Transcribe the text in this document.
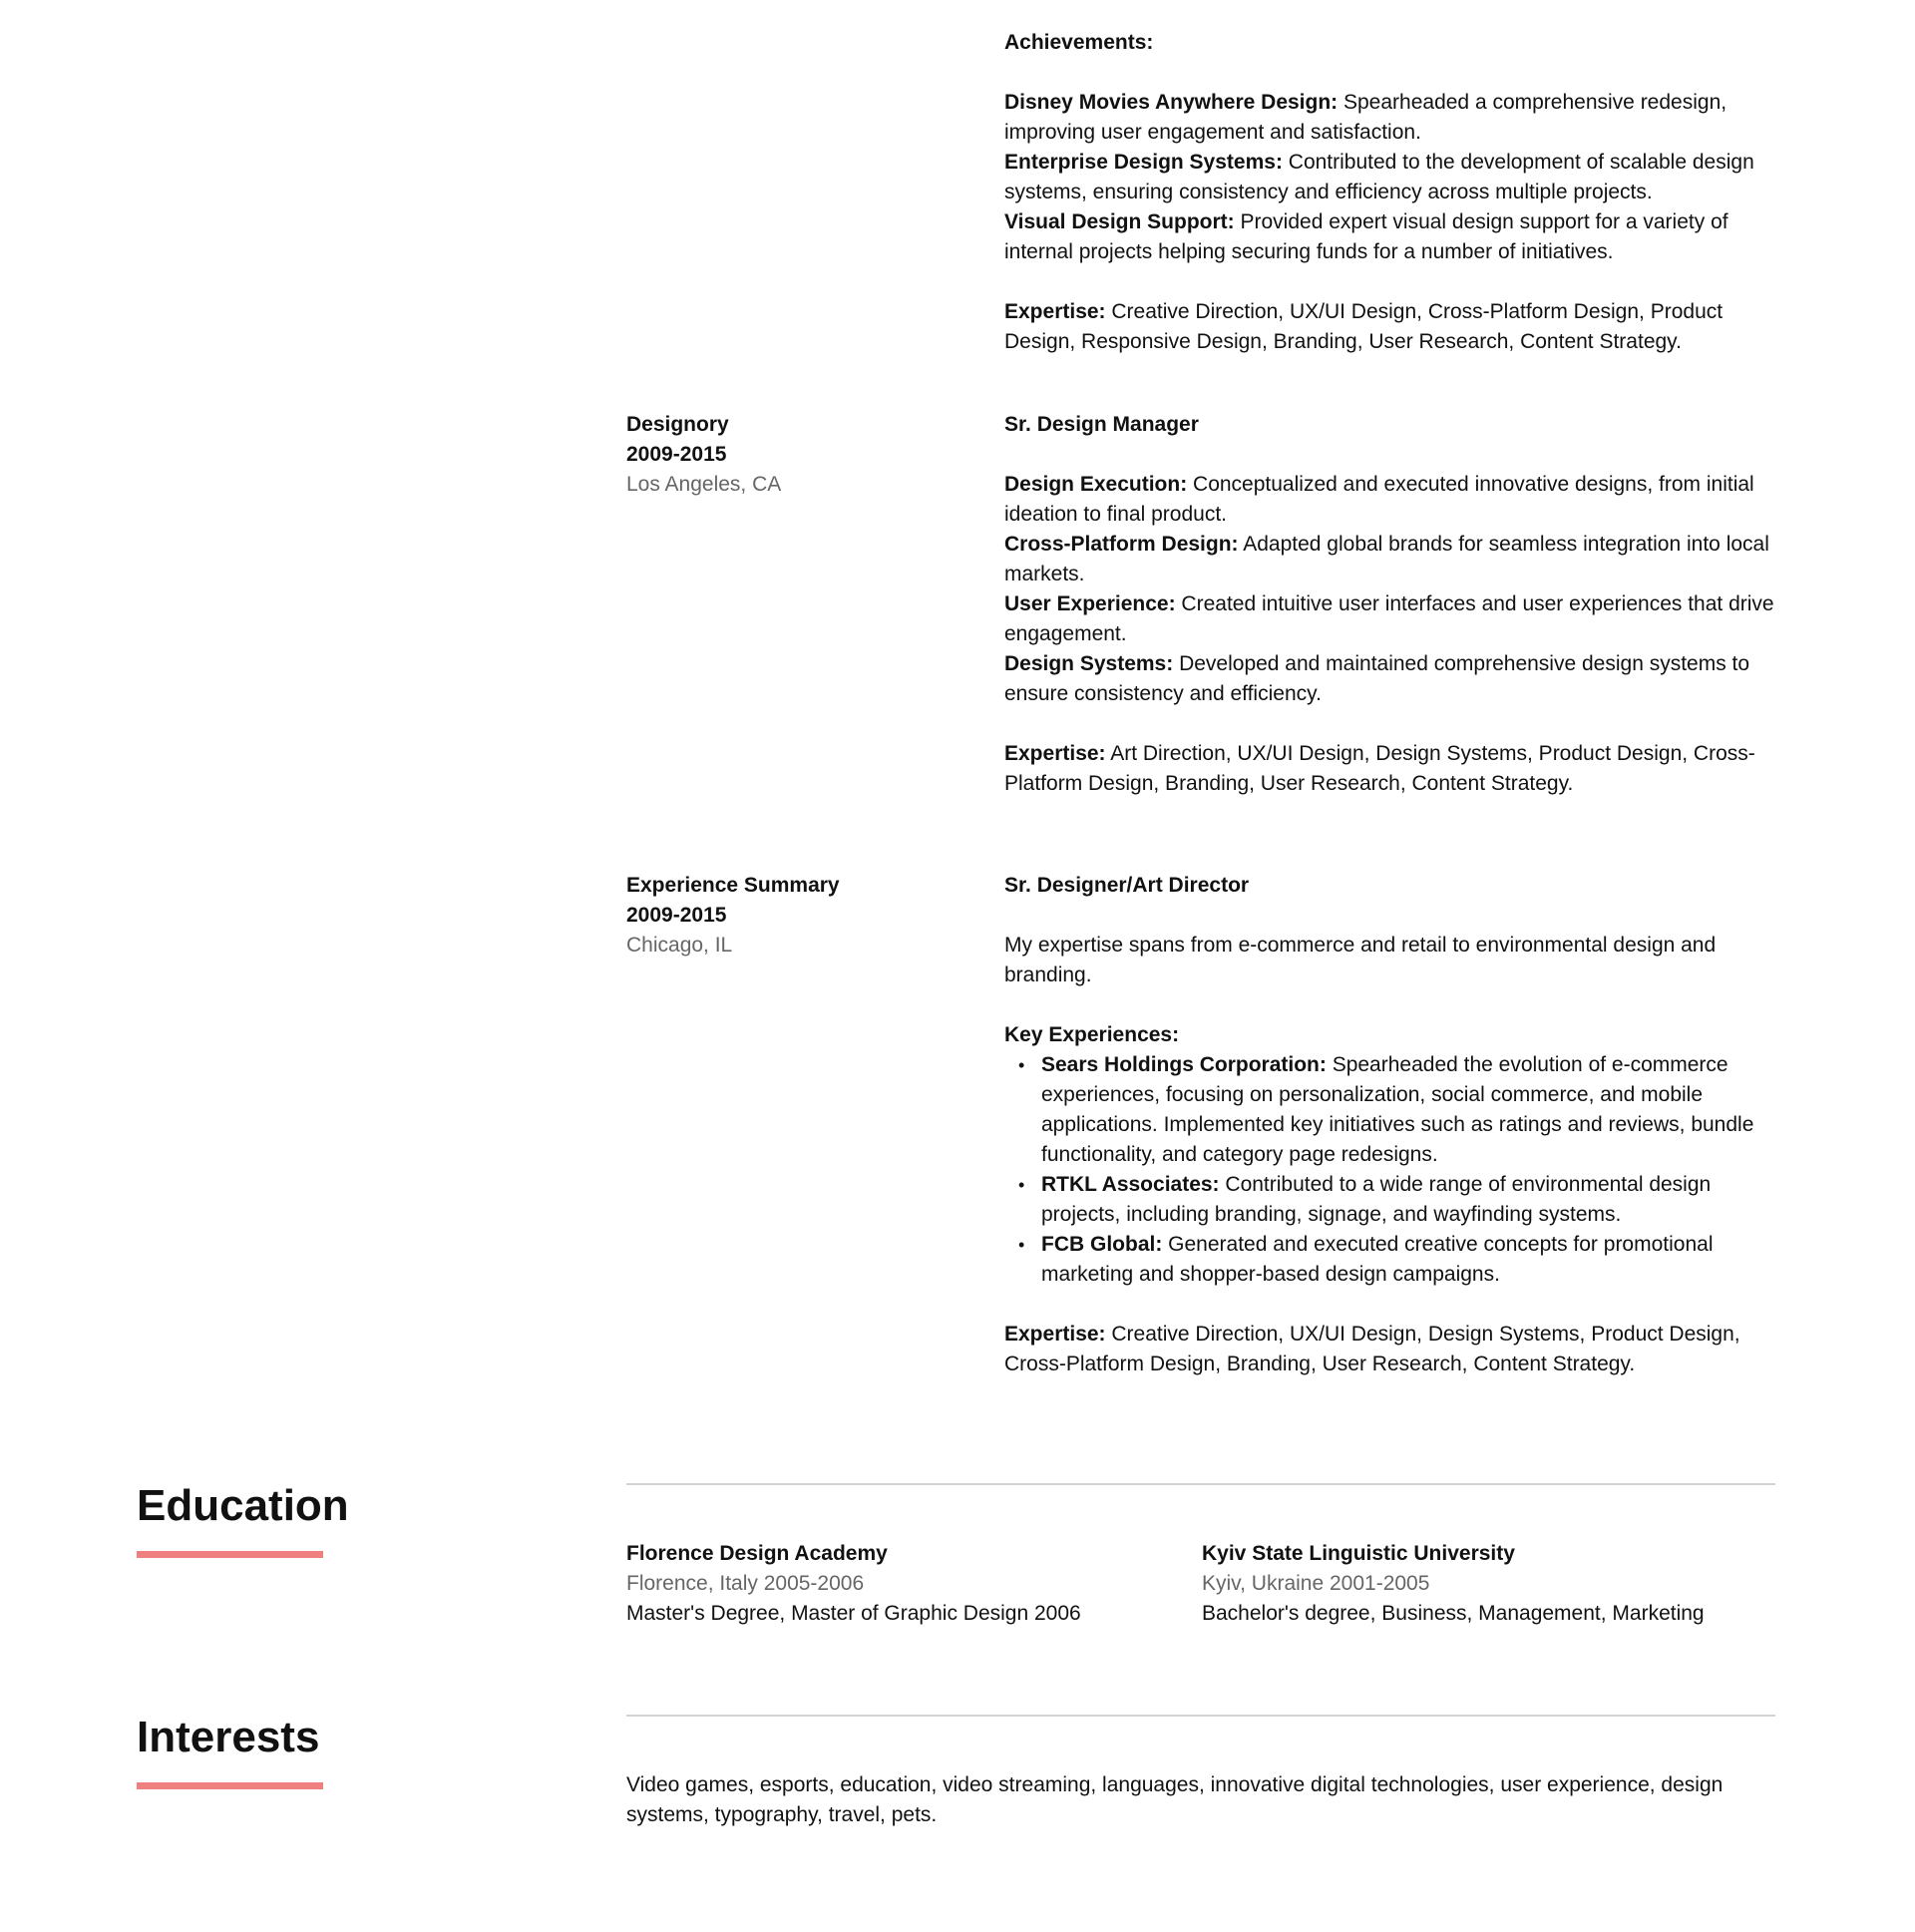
Achievements:

Disney Movies Anywhere Design: Spearheaded a comprehensive redesign, improving user engagement and satisfaction.

Enterprise Design Systems: Contributed to the development of scalable design systems, ensuring consistency and efficiency across multiple projects.

Visual Design Support: Provided expert visual design support for a variety of internal projects helping securing funds for a number of initiatives.

Expertise: Creative Direction, UX/UI Design, Cross-Platform Design, Product Design, Responsive Design, Branding, User Research, Content Strategy.

Designory

2009-2015

Los Angeles, CA

Sr. Design Manager

Design Execution: Conceptualized and executed innovative designs, from initial ideation to final product.

Cross-Platform Design: Adapted global brands for seamless integration into local markets.

User Experience: Created intuitive user interfaces and user experiences that drive engagement.

Design Systems: Developed and maintained comprehensive design systems to ensure consistency and efficiency.

Expertise: Art Direction, UX/UI Design, Design Systems, Product Design, Cross-Platform Design, Branding, User Research, Content Strategy.

Experience Summary

2009-2015

Chicago, IL

Sr. Designer/Art Director

My expertise spans from e-commerce and retail to environmental design and branding.

Key Experiences:

• Sears Holdings Corporation: Spearheaded the evolution of e-commerce experiences, focusing on personalization, social commerce, and mobile applications. Implemented key initiatives such as ratings and reviews, bundle functionality, and category page redesigns.
• RTKL Associates: Contributed to a wide range of environmental design projects, including branding, signage, and wayfinding systems.
• FCB Global: Generated and executed creative concepts for promotional marketing and shopper-based design campaigns.

Expertise: Creative Direction, UX/UI Design, Design Systems, Product Design, Cross-Platform Design, Branding, User Research, Content Strategy.

Education

Florence Design Academy

Florence, Italy 2005-2006

Master's Degree, Master of Graphic Design 2006

Kyiv State Linguistic University

Kyiv, Ukraine 2001-2005

Bachelor's degree, Business, Management, Marketing

Interests

Video games, esports, education, video streaming, languages, innovative digital technologies, user experience, design systems, typography, travel, pets.
